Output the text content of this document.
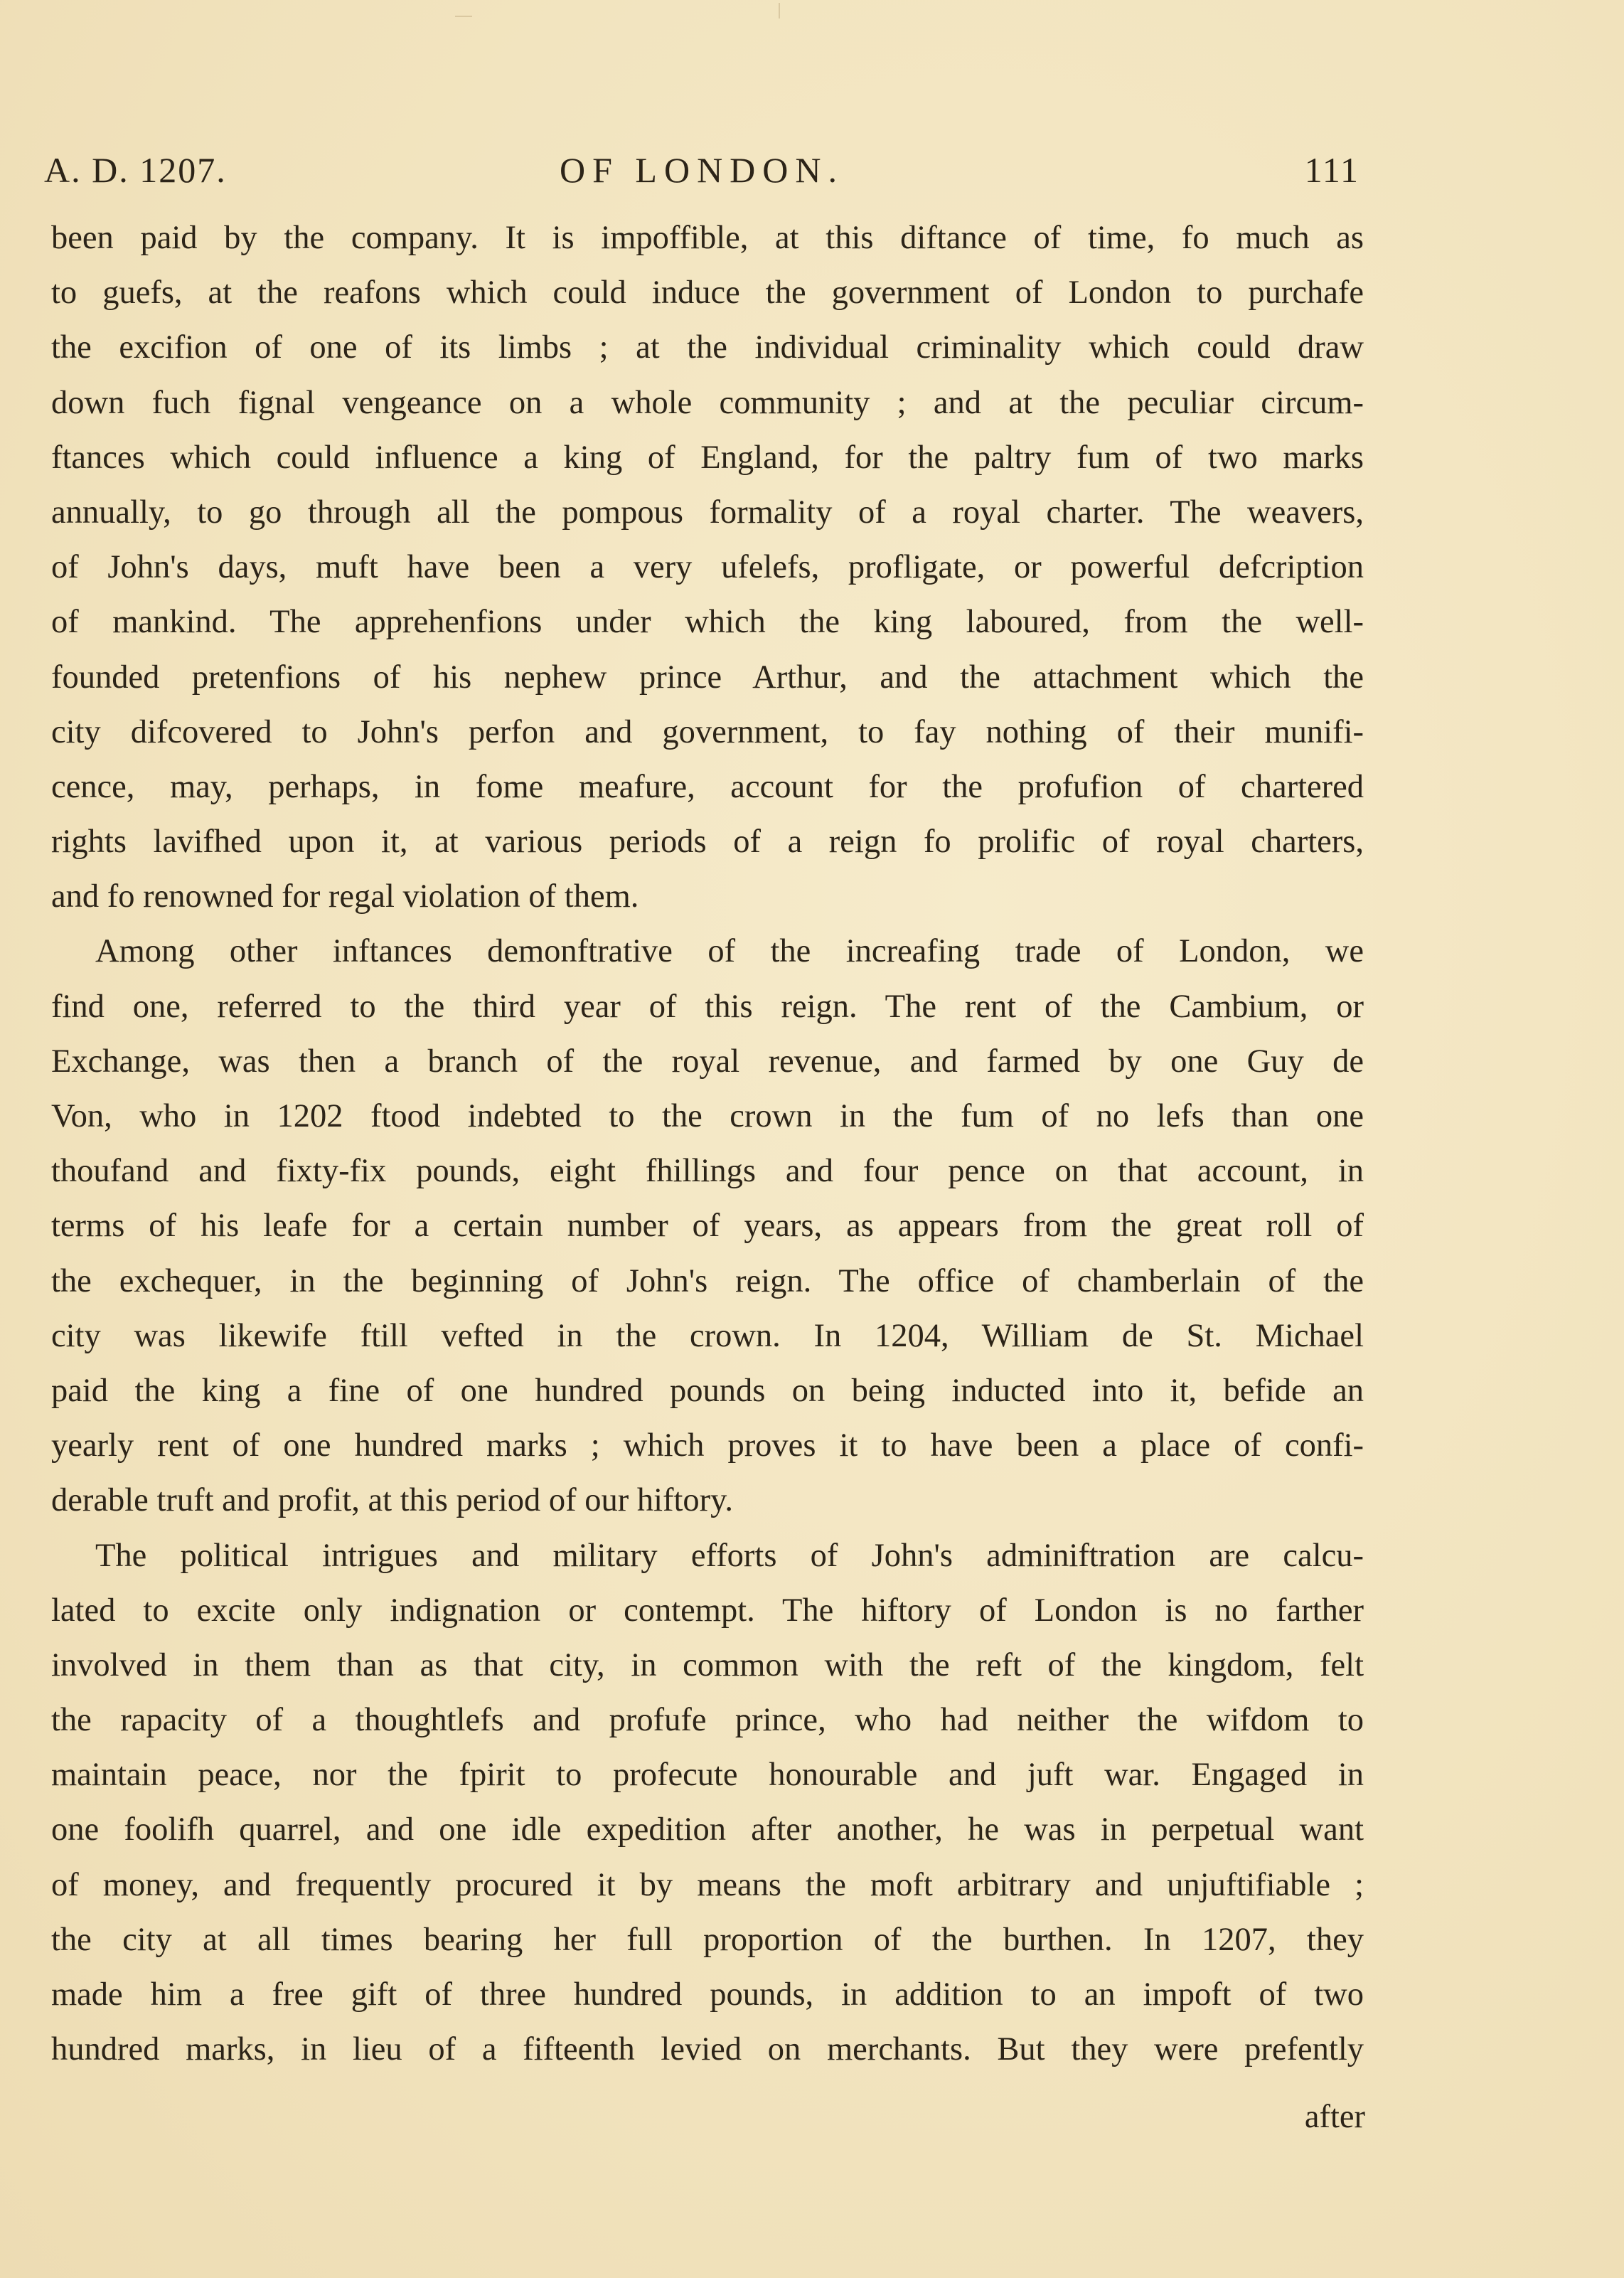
A. D. 1207.	OF LONDON.	111
been paid by the company. It is impoffible, at this diftance of time, fo much as
to guefs, at the reafons which could induce the government of London to purchafe
the excifion of one of its limbs ; at the individual criminality which could draw
down fuch fignal vengeance on a whole community ; and at the peculiar circum-
ftances which could influence a king of England, for the paltry fum of two marks
annually, to go through all the pompous formality of a royal charter. The weavers,
of John's days, muft have been a very ufelefs, profligate, or powerful defcription
of mankind. The apprehenfions under which the king laboured, from the well-
founded pretenfions of his nephew prince Arthur, and the attachment which the
city difcovered to John's perfon and government, to fay nothing of their munifi-
cence, may, perhaps, in fome meafure, account for the profufion of chartered
rights lavifhed upon it, at various periods of a reign fo prolific of royal charters,
and fo renowned for regal violation of them.
Among other inftances demonftrative of the increafing trade of London, we
find one, referred to the third year of this reign. The rent of the Cambium, or
Exchange, was then a branch of the royal revenue, and farmed by one Guy de
Von, who in 1202 ftood indebted to the crown in the fum of no lefs than one
thoufand and fixty-fix pounds, eight fhillings and four pence on that account, in
terms of his leafe for a certain number of years, as appears from the great roll of
the exchequer, in the beginning of John's reign. The office of chamberlain of the
city was likewife ftill vefted in the crown. In 1204, William de St. Michael
paid the king a fine of one hundred pounds on being inducted into it, befide an
yearly rent of one hundred marks ; which proves it to have been a place of confi-
derable truft and profit, at this period of our hiftory.
The political intrigues and military efforts of John's adminiftration are calcu-
lated to excite only indignation or contempt. The hiftory of London is no farther
involved in them than as that city, in common with the reft of the kingdom, felt
the rapacity of a thoughtlefs and profufe prince, who had neither the wifdom to
maintain peace, nor the fpirit to profecute honourable and juft war. Engaged in
one foolifh quarrel, and one idle expedition after another, he was in perpetual want
of money, and frequently procured it by means the moft arbitrary and unjuftifiable ;
the city at all times bearing her full proportion of the burthen. In 1207, they
made him a free gift of three hundred pounds, in addition to an impoft of two
hundred marks, in lieu of a fifteenth levied on merchants. But they were prefently
after
